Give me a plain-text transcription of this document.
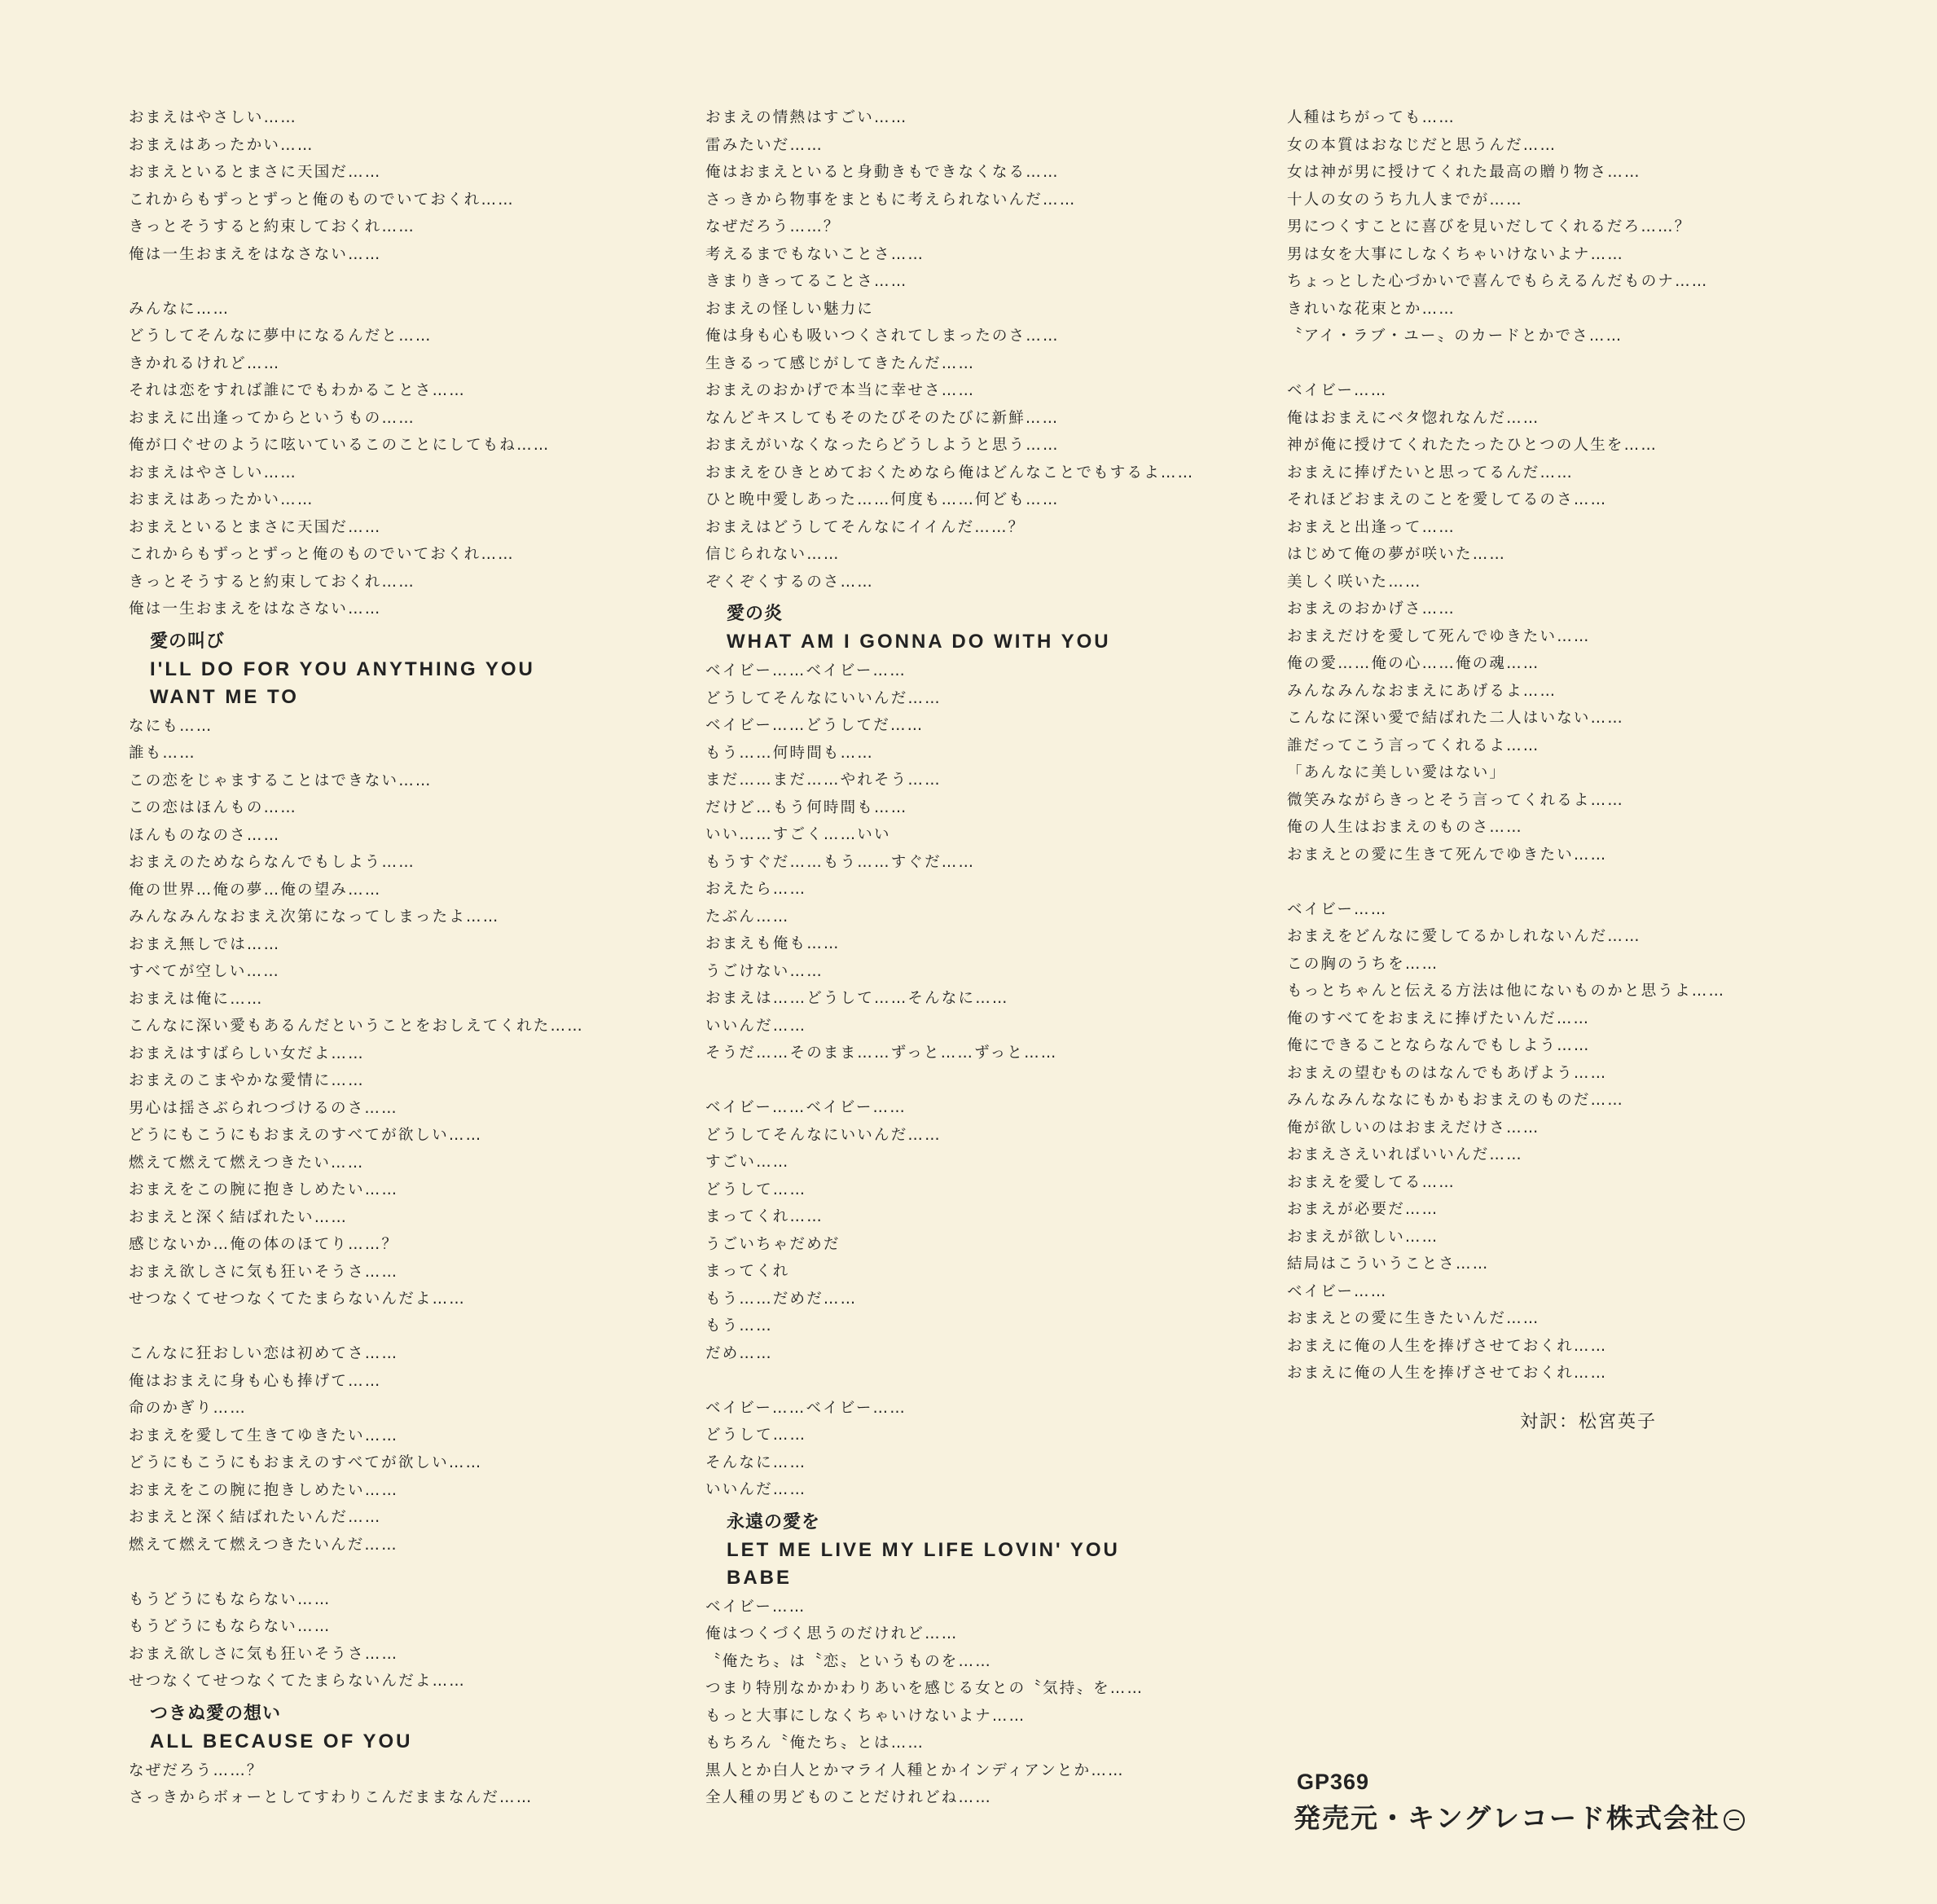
おまえはやさしい……
おまえはあったかい……
おまえといるとまさに天国だ……
これからもずっとずっと俺のものでいておくれ……
きっとそうすると約束しておくれ……
俺は一生おまえをはなさない……
みんなに……
どうしてそんなに夢中になるんだと……
きかれるけれど……
それは恋をすれば誰にでもわかることさ……
おまえに出逢ってからというもの……
俺が口ぐせのように呟いているこのことにしてもね……
おまえはやさしい……
おまえはあったかい……
おまえといるとまさに天国だ……
これからもずっとずっと俺のものでいておくれ……
きっとそうすると約束しておくれ……
俺は一生おまえをはなさない……
愛の叫び
I'LL DO FOR YOU ANYTHING YOU
WANT ME TO
なにも……
誰も……
この恋をじゃますることはできない……
この恋はほんもの……
ほんものなのさ……
おまえのためならなんでもしよう……
俺の世界…俺の夢…俺の望み……
みんなみんなおまえ次第になってしまったよ……
おまえ無しでは……
すべてが空しい……
おまえは俺に……
こんなに深い愛もあるんだということをおしえてくれた……
おまえはすばらしい女だよ……
おまえのこまやかな愛情に……
男心は揺さぶられつづけるのさ……
どうにもこうにもおまえのすべてが欲しい……
燃えて燃えて燃えつきたい……
おまえをこの腕に抱きしめたい……
おまえと深く結ばれたい……
感じないか…俺の体のほてり……？
おまえ欲しさに気も狂いそうさ……
せつなくてせつなくてたまらないんだよ……
こんなに狂おしい恋は初めてさ……
俺はおまえに身も心も捧げて……
命のかぎり……
おまえを愛して生きてゆきたい……
どうにもこうにもおまえのすべてが欲しい……
おまえをこの腕に抱きしめたい……
おまえと深く結ばれたいんだ……
燃えて燃えて燃えつきたいんだ……
もうどうにもならない……
もうどうにもならない……
おまえ欲しさに気も狂いそうさ……
せつなくてせつなくてたまらないんだよ……
つきぬ愛の想い
ALL BECAUSE OF YOU
なぜだろう……？
さっきからボォーとしてすわりこんだままなんだ……
おまえの情熱はすごい……
雷みたいだ……
俺はおまえといると身動きもできなくなる……
さっきから物事をまともに考えられないんだ……
なぜだろう……？
考えるまでもないことさ……
きまりきってることさ……
おまえの怪しい魅力に
俺は身も心も吸いつくされてしまったのさ……
生きるって感じがしてきたんだ……
おまえのおかげで本当に幸せさ……
なんどキスしてもそのたびそのたびに新鮮……
おまえがいなくなったらどうしようと思う……
おまえをひきとめておくためなら俺はどんなことでもするよ……
ひと晩中愛しあった……何度も……何ども……
おまえはどうしてそんなにイイんだ……？
信じられない……
ぞくぞくするのさ……
愛の炎
WHAT AM I GONNA DO WITH YOU
ベイビー……ベイビー……
どうしてそんなにいいんだ……
ベイビー……どうしてだ……
もう……何時間も……
まだ……まだ……やれそう……
だけど…もう何時間も……
いい……すごく……いい
もうすぐだ……もう……すぐだ……
おえたら……
たぶん……
おまえも俺も……
うごけない……
おまえは……どうして……そんなに……
いいんだ……
そうだ……そのまま……ずっと……ずっと……
ベイビー……ベイビー……
どうしてそんなにいいんだ……
すごい……
どうして……
まってくれ……
うごいちゃだめだ
まってくれ
もう……だめだ……
もう……
だめ……
ベイビー……ベイビー……
どうして……
そんなに……
いいんだ……
永遠の愛を
LET ME LIVE MY LIFE LOVIN' YOU
BABE
ベイビー……
俺はつくづく思うのだけれど……
〝俺たち〟は〝恋〟というものを……
つまり特別なかかわりあいを感じる女との〝気持〟を……
もっと大事にしなくちゃいけないよナ……
もちろん〝俺たち〟とは……
黒人とか白人とかマライ人種とかインディアンとか……
全人種の男どものことだけれどね……
人種はちがっても……
女の本質はおなじだと思うんだ……
女は神が男に授けてくれた最高の贈り物さ……
十人の女のうち九人までが……
男につくすことに喜びを見いだしてくれるだろ……？
男は女を大事にしなくちゃいけないよナ……
ちょっとした心づかいで喜んでもらえるんだものナ……
きれいな花束とか……
〝アイ・ラブ・ユー〟のカードとかでさ……
ベイビー……
俺はおまえにベタ惚れなんだ……
神が俺に授けてくれたたったひとつの人生を……
おまえに捧げたいと思ってるんだ……
それほどおまえのことを愛してるのさ……
おまえと出逢って……
はじめて俺の夢が咲いた……
美しく咲いた……
おまえのおかげさ……
おまえだけを愛して死んでゆきたい……
俺の愛……俺の心……俺の魂……
みんなみんなおまえにあげるよ……
こんなに深い愛で結ばれた二人はいない……
誰だってこう言ってくれるよ……
「あんなに美しい愛はない」
微笑みながらきっとそう言ってくれるよ……
俺の人生はおまえのものさ……
おまえとの愛に生きて死んでゆきたい……
ベイビー……
おまえをどんなに愛してるかしれないんだ……
この胸のうちを……
もっとちゃんと伝える方法は他にないものかと思うよ……
俺のすべてをおまえに捧げたいんだ……
俺にできることならなんでもしよう……
おまえの望むものはなんでもあげよう……
みんなみんななにもかもおまえのものだ……
俺が欲しいのはおまえだけさ……
おまえさえいればいいんだ……
おまえを愛してる……
おまえが必要だ……
おまえが欲しい……
結局はこういうことさ……
ベイビー……
おまえとの愛に生きたいんだ……
おまえに俺の人生を捧げさせておくれ……
おまえに俺の人生を捧げさせておくれ……
対訳：松宮英子
GP369
発売元・キングレコード株式会社
